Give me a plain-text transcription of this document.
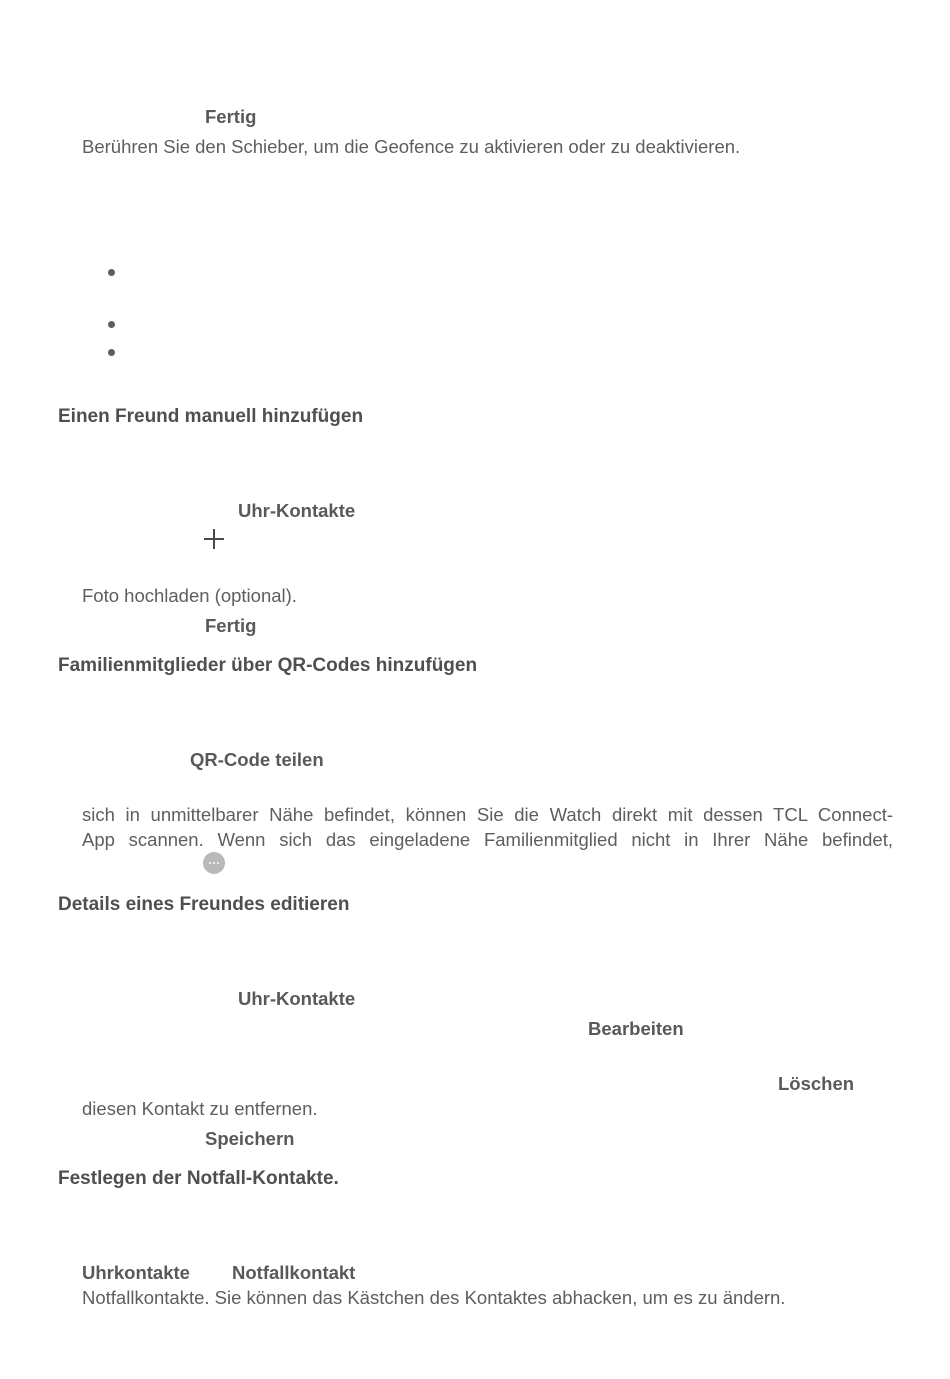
Fertig
Berühren Sie den Schieber, um die Geofence zu aktivieren oder zu deaktivieren.
Einen Freund manuell hinzufügen
Uhr-Kontakte
Foto hochladen (optional).
Fertig
Familienmitglieder über QR-Codes hinzufügen
QR-Code teilen
sich in unmittelbarer Nähe befindet, können Sie die Watch direkt mit dessen TCL Connect-
App scannen. Wenn sich das eingeladene Familienmitglied nicht in Ihrer Nähe befindet,
Details eines Freundes editieren
Uhr-Kontakte
Bearbeiten
Löschen
diesen Kontakt zu entfernen.
Speichern
Festlegen der Notfall-Kontakte.
Uhrkontakte Notfallkontakt
Notfallkontakte. Sie können das Kästchen des Kontaktes abhacken, um es zu ändern.
